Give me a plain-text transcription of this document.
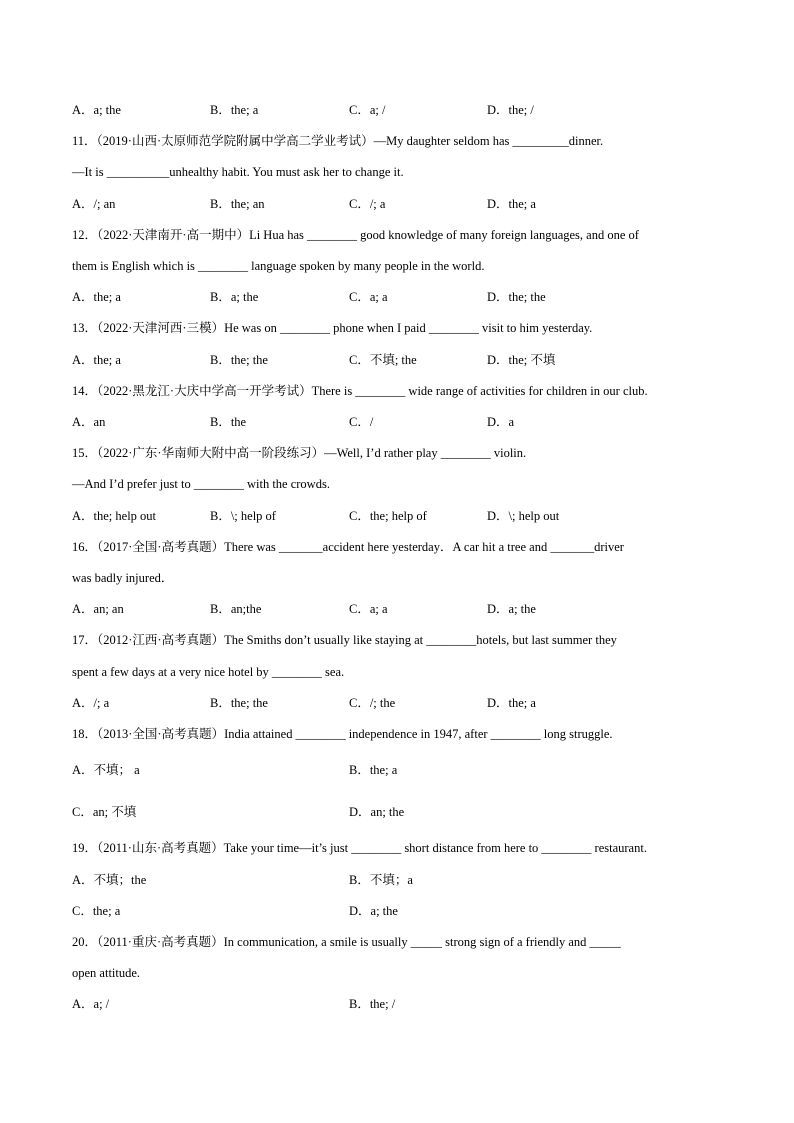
A．a; the	B．the; a	C．a; /	D．the; /
11．（2019·山西·太原师范学院附属中学高二学业考试）—My daughter seldom has _________dinner.
—It is __________unhealthy habit. You must ask her to change it.
A．/; an	B．the; an	C．/; a	D．the; a
12．（2022·天津南开·高一期中）Li Hua has ________ good knowledge of many foreign languages, and one of
them is English which is ________ language spoken by many people in the world.
A．the; a	B．a; the	C．a; a	D．the; the
13．（2022·天津河西·三模）He was on ________ phone when I paid ________ visit to him yesterday.
A．the; a	B．the; the	C．不填; the	D．the; 不填
14．（2022·黑龙江·大庆中学高一开学考试）There is ________ wide range of activities for children in our club.
A．an	B．the	C．/	D．a
15．（2022·广东·华南师大附中高一阶段练习）—Well, I’d rather play ________ violin.
—And I’d prefer just to ________ with the crowds.
A．the; help out	B．\; help of	C．the; help of	D．\; help out
16．（2017·全国·高考真题）There was _______accident here yesterday．A car hit a tree and _______driver
was badly injured．
A．an; an	B．an;the	C．a; a	D．a; the
17．（2012·江西·高考真题）The Smiths don’t usually like staying at ________hotels, but last summer they
spent a few days at a very nice hotel by ________ sea.
A．/; a	B．the; the	C．/; the	D．the; a
18．（2013·全国·高考真题）India attained ________ independence in 1947, after ________ long struggle.
A．不填； a	B．the; a
C．an; 不填	D．an; the
19．（2011·山东·高考真题）Take your time—it’s just ________ short distance from here to ________ restaurant.
A．不填；the	B．不填；a
C．the; a	D．a; the
20．（2011·重庆·高考真题）In communication, a smile is usually _____ strong sign of a friendly and _____
open attitude.
A．a; /	B．the; /
